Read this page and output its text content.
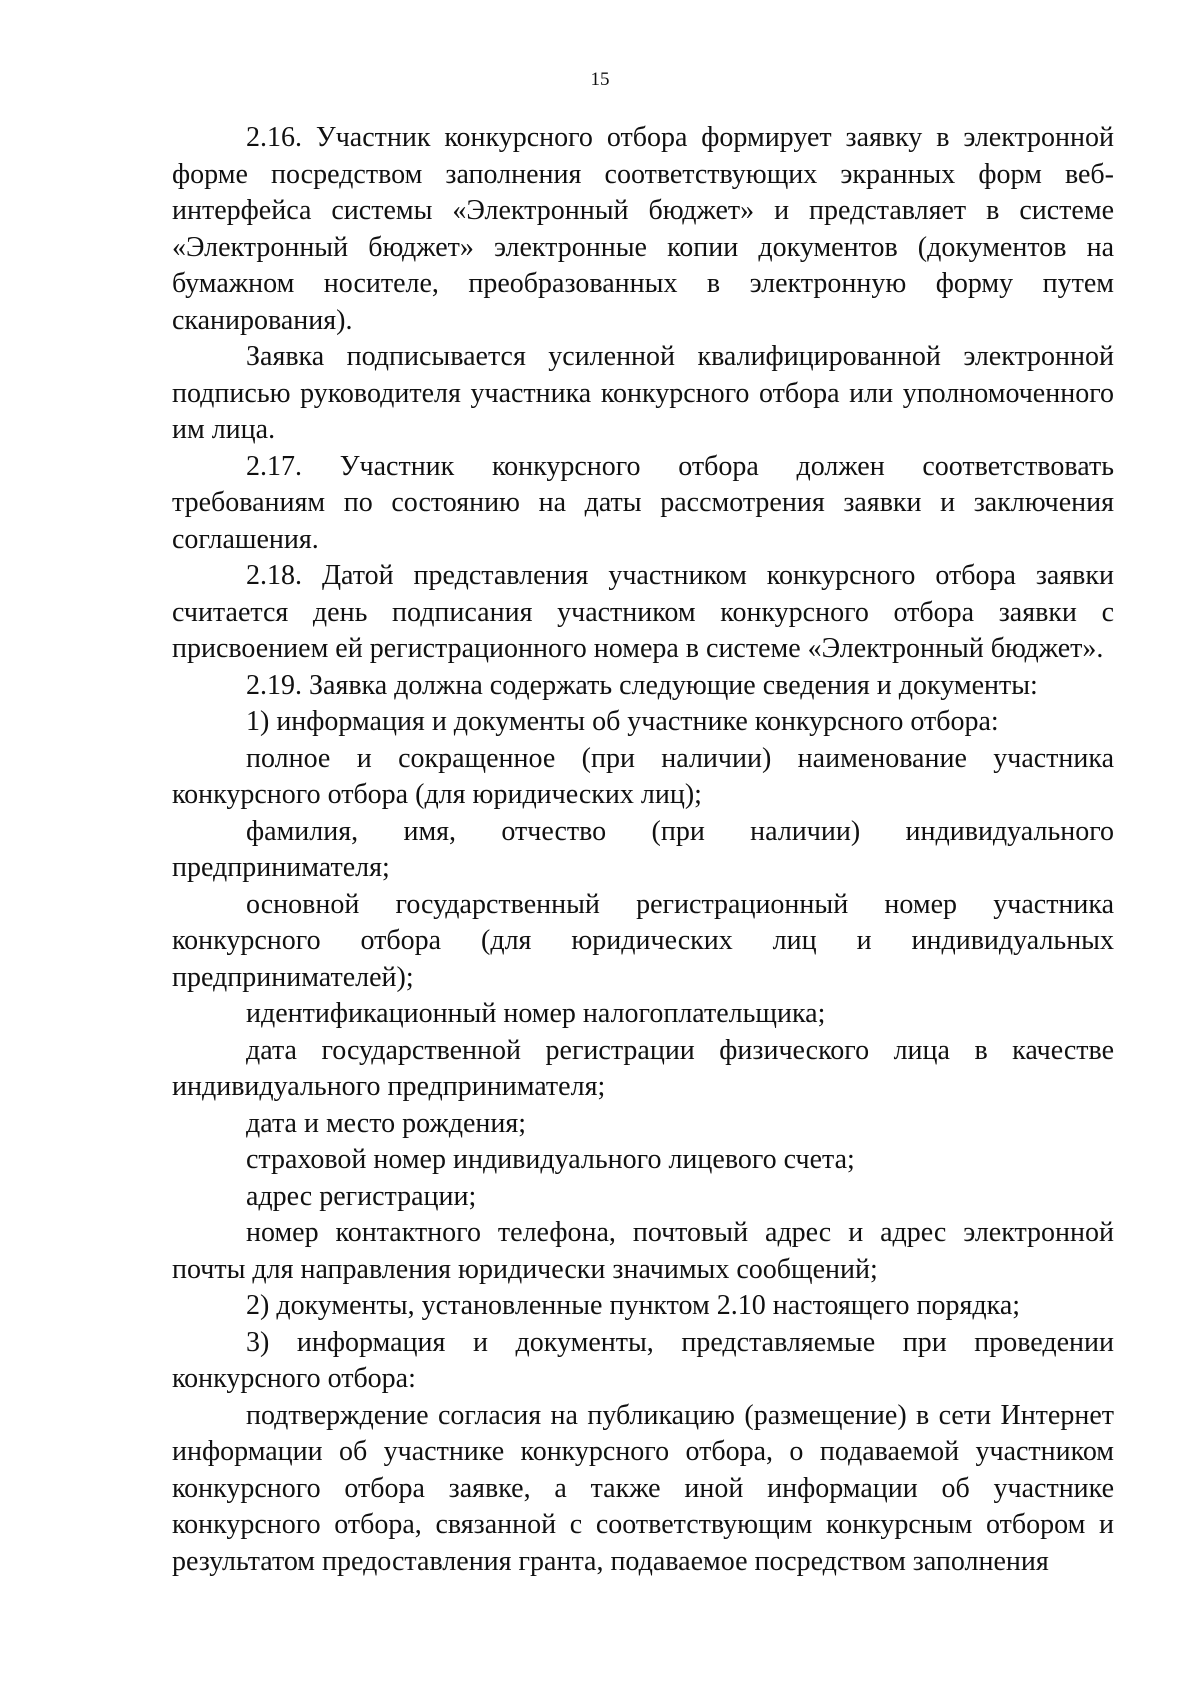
15

2.16. Участник конкурсного отбора формирует заявку в электронной форме посредством заполнения соответствующих экранных форм веб-интерфейса системы «Электронный бюджет» и представляет в системе «Электронный бюджет» электронные копии документов (документов на бумажном носителе, преобразованных в электронную форму путем сканирования).

Заявка подписывается усиленной квалифицированной электронной подписью руководителя участника конкурсного отбора или уполномоченного им лица.

2.17. Участник конкурсного отбора должен соответствовать требованиям по состоянию на даты рассмотрения заявки и заключения соглашения.

2.18. Датой представления участником конкурсного отбора заявки считается день подписания участником конкурсного отбора заявки с присвоением ей регистрационного номера в системе «Электронный бюджет».

2.19. Заявка должна содержать следующие сведения и документы:

1) информация и документы об участнике конкурсного отбора:

полное и сокращенное (при наличии) наименование участника конкурсного отбора (для юридических лиц);

фамилия, имя, отчество (при наличии) индивидуального предпринимателя;

основной государственный регистрационный номер участника конкурсного отбора (для юридических лиц и индивидуальных предпринимателей);

идентификационный номер налогоплательщика;

дата государственной регистрации физического лица в качестве индивидуального предпринимателя;

дата и место рождения;

страховой номер индивидуального лицевого счета;

адрес регистрации;

номер контактного телефона, почтовый адрес и адрес электронной почты для направления юридически значимых сообщений;

2) документы, установленные пунктом 2.10 настоящего порядка;

3) информация и документы, представляемые при проведении конкурсного отбора:

подтверждение согласия на публикацию (размещение) в сети Интернет информации об участнике конкурсного отбора, о подаваемой участником конкурсного отбора заявке, а также иной информации об участнике конкурсного отбора, связанной с соответствующим конкурсным отбором и результатом предоставления гранта, подаваемое посредством заполнения
